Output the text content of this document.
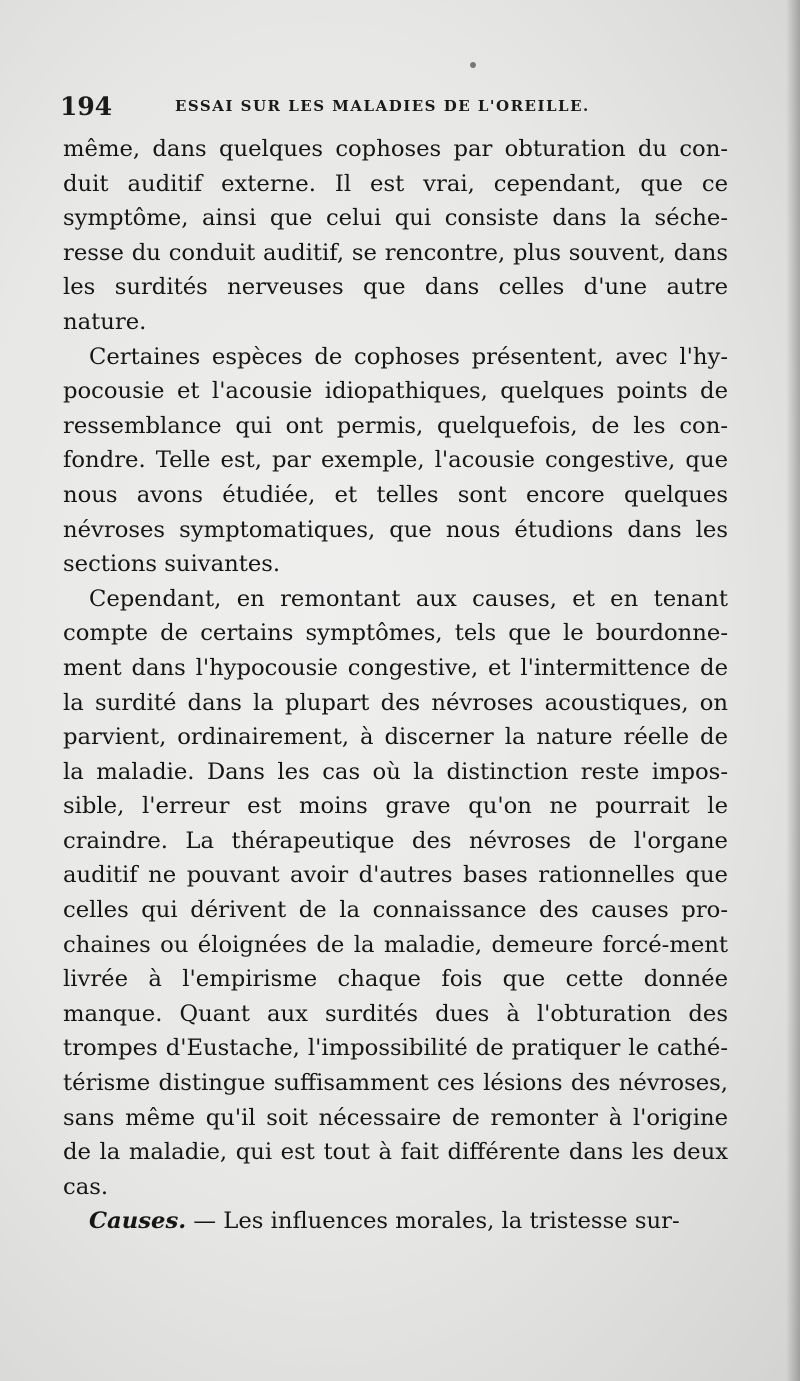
194	ESSAI SUR LES MALADIES DE L'OREILLE.

même, dans quelques cophoses par obturation du con-duit auditif externe. Il est vrai, cependant, que ce symptôme, ainsi que celui qui consiste dans la séche-resse du conduit auditif, se rencontre, plus souvent, dans les surdités nerveuses que dans celles d'une autre nature.

Certaines espèces de cophoses présentent, avec l'hy-pocousie et l'acousie idiopathiques, quelques points de ressemblance qui ont permis, quelquefois, de les con-fondre. Telle est, par exemple, l'acousie congestive, que nous avons étudiée, et telles sont encore quelques névroses symptomatiques, que nous étudions dans les sections suivantes.

Cependant, en remontant aux causes, et en tenant compte de certains symptômes, tels que le bourdonne-ment dans l'hypocousie congestive, et l'intermittence de la surdité dans la plupart des névroses acoustiques, on parvient, ordinairement, à discerner la nature réelle de la maladie. Dans les cas où la distinction reste impos-sible, l'erreur est moins grave qu'on ne pourrait le craindre. La thérapeutique des névroses de l'organe auditif ne pouvant avoir d'autres bases rationnelles que celles qui dérivent de la connaissance des causes pro-chaines ou éloignées de la maladie, demeure forcé-ment livrée à l'empirisme chaque fois que cette donnée manque. Quant aux surdités dues à l'obturation des trompes d'Eustache, l'impossibilité de pratiquer le cathé-térisme distingue suffisamment ces lésions des névroses, sans même qu'il soit nécessaire de remonter à l'origine de la maladie, qui est tout à fait différente dans les deux cas.

Causes. — Les influences morales, la tristesse sur-
